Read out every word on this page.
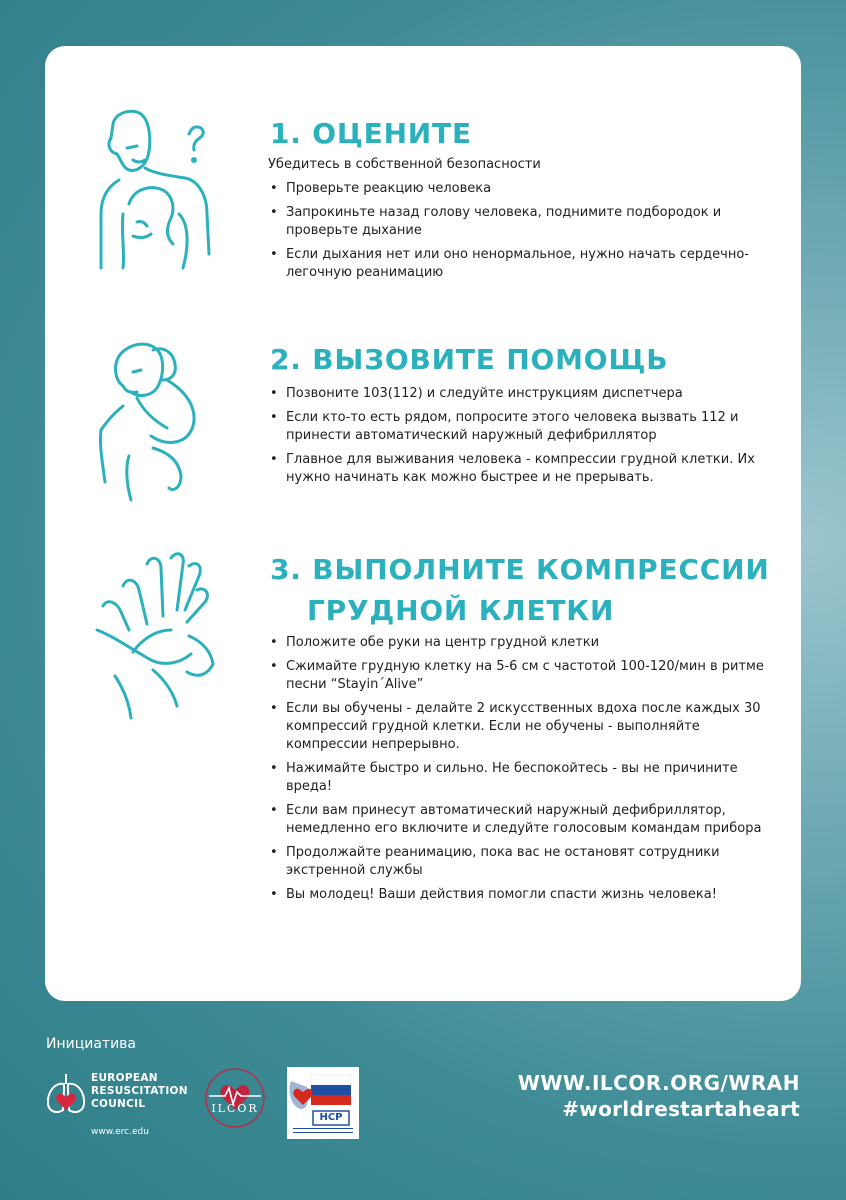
1. ОЦЕНИТЕ

Убедитесь в собственной безопасности

• Проверьте реакцию человека
• Запрокиньте назад голову человека, поднимите подбородок и проверьте дыхание
• Если дыхания нет или оно ненормальное, нужно начать сердечно-легочную реанимацию
2. ВЫЗОВИТЕ ПОМОЩЬ
• Позвоните 103(112) и следуйте инструкциям диспетчера
• Если кто-то есть рядом, попросите этого человека вызвать 112 и принести автоматический наружный дефибриллятор
• Главное для выживания человека - компрессии грудной клетки. Их нужно начинать как можно быстрее и не прерывать.
3. ВЫПОЛНИТЕ КОМПРЕССИИ
ГРУДНОЙ КЛЕТКИ
• Положите обе руки на центр грудной клетки
• Сжимайте грудную клетку на 5-6 см с частотой 100-120/мин в ритме песни “Stayin´Alive”
• Если вы обучены - делайте 2 искусственных вдоха после каждых 30 компрессий грудной клетки. Если не обучены - выполняйте компрессии непрерывно.
• Нажимайте быстро и сильно. Не беспокойтесь - вы не причините вреда!
• Если вам принесут автоматический наружный дефибриллятор, немедленно его включите и следуйте голосовым командам прибора
• Продолжайте реанимацию, пока вас не остановят сотрудники экстренной службы
• Вы молодец! Ваши действия помогли спасти жизнь человека!

Инициатива

EUROPEAN
RESUSCITATION
COUNCIL
www.erc.edu
ILCOR
НСР
WWW.ILCOR.ORG/WRAH
#worldrestartaheart
